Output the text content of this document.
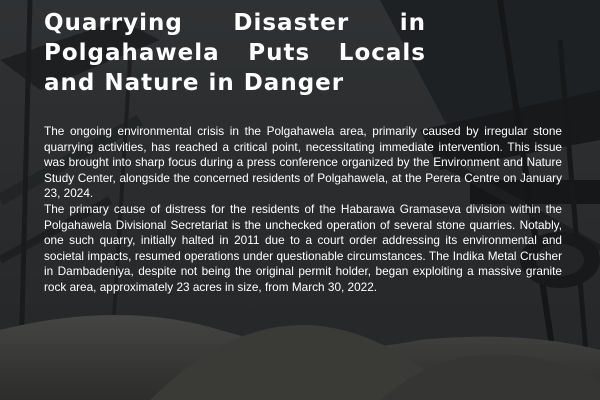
Quarrying Disaster in Polgahawela Puts Locals and Nature in Danger

The ongoing environmental crisis in the Polgahawela area, primarily caused by irregular stone quarrying activities, has reached a critical point, necessitating immediate intervention. This issue was brought into sharp focus during a press conference organized by the Environment and Nature Study Center, alongside the concerned residents of Polgahawela, at the Perera Centre on January 23, 2024.

The primary cause of distress for the residents of the Habarawa Gramaseva division within the Polgahawela Divisional Secretariat is the unchecked operation of several stone quarries. Notably, one such quarry, initially halted in 2011 due to a court order addressing its environmental and societal impacts, resumed operations under questionable circumstances. The Indika Metal Crusher in Dambadeniya, despite not being the original permit holder, began exploiting a massive granite rock area, approximately 23 acres in size, from March 30, 2022.
